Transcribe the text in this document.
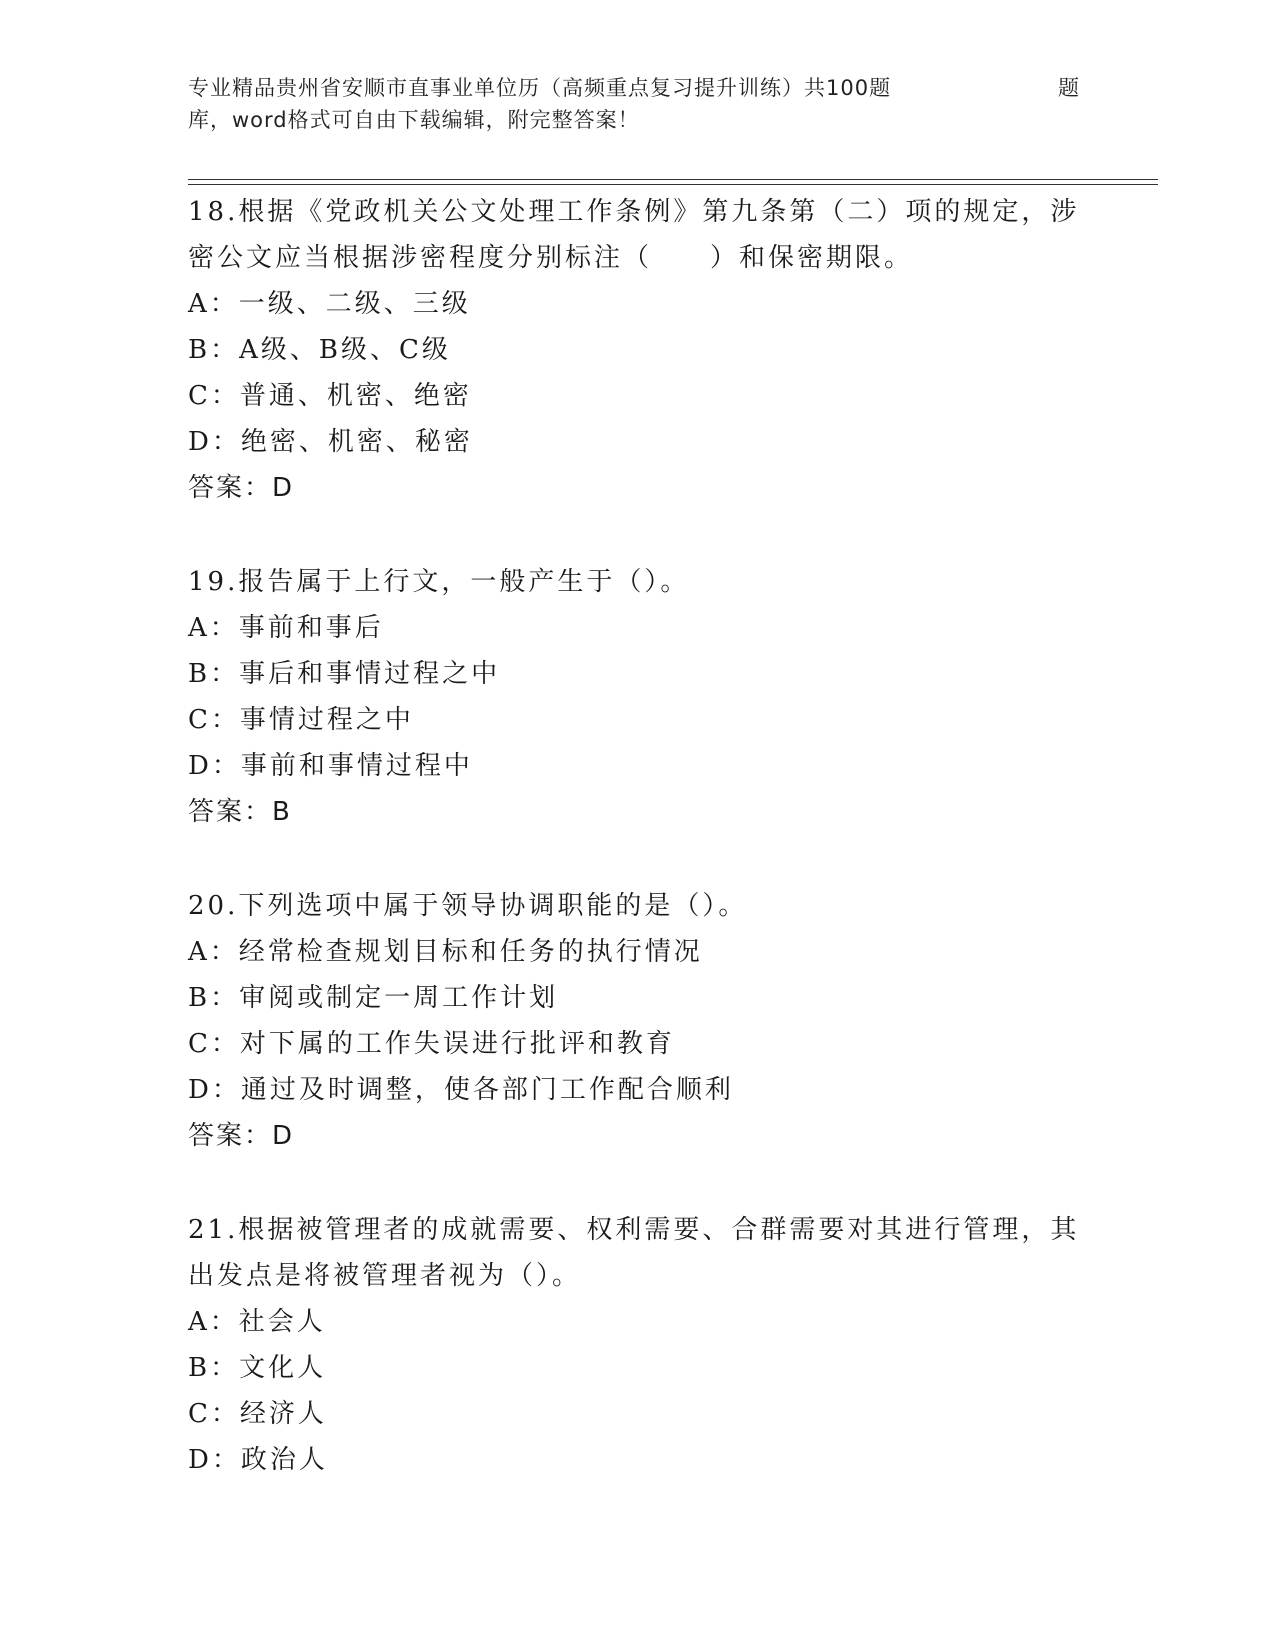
专业精品贵州省安顺市直事业单位历（高频重点复习提升训练）共100题	题
库，word格式可自由下载编辑，附完整答案！
18.根据《党政机关公文处理工作条例》第九条第（二）项的规定，涉
密公文应当根据涉密程度分别标注（　　）和保密期限。
A：一级、二级、三级
B：A级、B级、C级
C：普通、机密、绝密
D：绝密、机密、秘密
答案：D
19.报告属于上行文，一般产生于（）。
A：事前和事后
B：事后和事情过程之中
C：事情过程之中
D：事前和事情过程中
答案：B
20.下列选项中属于领导协调职能的是（）。
A：经常检查规划目标和任务的执行情况
B：审阅或制定一周工作计划
C：对下属的工作失误进行批评和教育
D：通过及时调整，使各部门工作配合顺利
答案：D
21.根据被管理者的成就需要、权利需要、合群需要对其进行管理，其
出发点是将被管理者视为（）。
A：社会人
B：文化人
C：经济人
D：政治人
